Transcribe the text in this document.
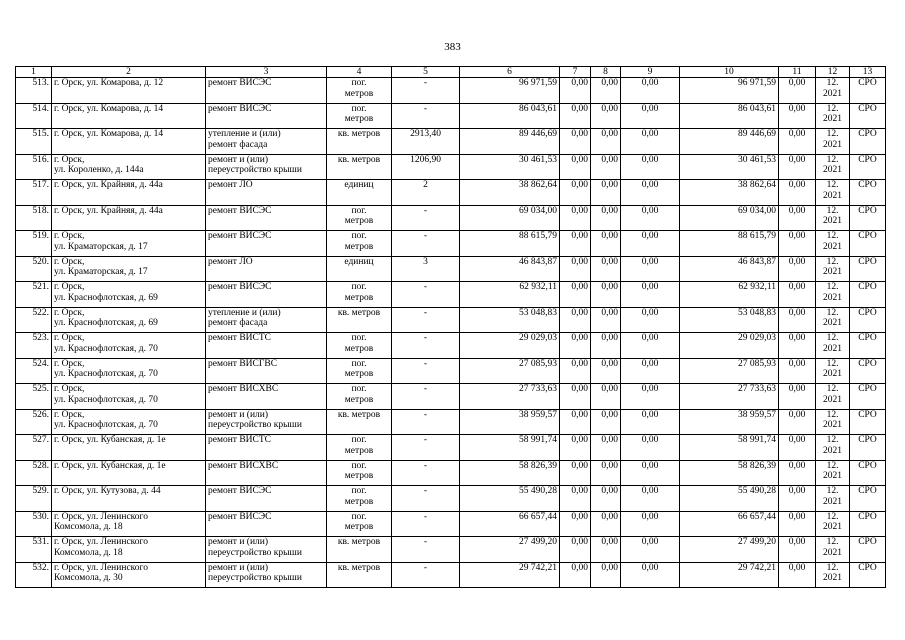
383
1	2	3	4	5	6	7	8	9	10	11	12	13
513.	г. Орск, ул. Комарова, д. 12	ремонт ВИСЭС	пог.
метров	-	96 971,59	0,00	0,00	0,00	96 971,59	0,00	12.
2021	СРО
514.	г. Орск, ул. Комарова, д. 14	ремонт ВИСЭС	пог.
метров	-	86 043,61	0,00	0,00	0,00	86 043,61	0,00	12.
2021	СРО
515.	г. Орск, ул. Комарова, д. 14	утепление и (или)
ремонт фасада	кв. метров	2913,40	89 446,69	0,00	0,00	0,00	89 446,69	0,00	12.
2021	СРО
516.	г. Орск,
ул. Короленко, д. 144а	ремонт и (или)
переустройство крыши	кв. метров	1206,90	30 461,53	0,00	0,00	0,00	30 461,53	0,00	12.
2021	СРО
517.	г. Орск, ул. Крайняя, д. 44а	ремонт ЛО	единиц	2	38 862,64	0,00	0,00	0,00	38 862,64	0,00	12.
2021	СРО
518.	г. Орск, ул. Крайняя, д. 44а	ремонт ВИСЭС	пог.
метров	-	69 034,00	0,00	0,00	0,00	69 034,00	0,00	12.
2021	СРО
519.	г. Орск,
ул. Краматорская, д. 17	ремонт ВИСЭС	пог.
метров	-	88 615,79	0,00	0,00	0,00	88 615,79	0,00	12.
2021	СРО
520.	г. Орск,
ул. Краматорская, д. 17	ремонт ЛО	единиц	3	46 843,87	0,00	0,00	0,00	46 843,87	0,00	12.
2021	СРО
521.	г. Орск,
ул. Краснофлотская, д. 69	ремонт ВИСЭС	пог.
метров	-	62 932,11	0,00	0,00	0,00	62 932,11	0,00	12.
2021	СРО
522.	г. Орск,
ул. Краснофлотская, д. 69	утепление и (или)
ремонт фасада	кв. метров	-	53 048,83	0,00	0,00	0,00	53 048,83	0,00	12.
2021	СРО
523.	г. Орск,
ул. Краснофлотская, д. 70	ремонт ВИСТС	пог.
метров	-	29 029,03	0,00	0,00	0,00	29 029,03	0,00	12.
2021	СРО
524.	г. Орск,
ул. Краснофлотская, д. 70	ремонт ВИСГВС	пог.
метров	-	27 085,93	0,00	0,00	0,00	27 085,93	0,00	12.
2021	СРО
525.	г. Орск,
ул. Краснофлотская, д. 70	ремонт ВИСХВС	пог.
метров	-	27 733,63	0,00	0,00	0,00	27 733,63	0,00	12.
2021	СРО
526.	г. Орск,
ул. Краснофлотская, д. 70	ремонт и (или)
переустройство крыши	кв. метров	-	38 959,57	0,00	0,00	0,00	38 959,57	0,00	12.
2021	СРО
527.	г. Орск, ул. Кубанская, д. 1е	ремонт ВИСТС	пог.
метров	-	58 991,74	0,00	0,00	0,00	58 991,74	0,00	12.
2021	СРО
528.	г. Орск, ул. Кубанская, д. 1е	ремонт ВИСХВС	пог.
метров	-	58 826,39	0,00	0,00	0,00	58 826,39	0,00	12.
2021	СРО
529.	г. Орск, ул. Кутузова, д. 44	ремонт ВИСЭС	пог.
метров	-	55 490,28	0,00	0,00	0,00	55 490,28	0,00	12.
2021	СРО
530.	г. Орск, ул. Ленинского
Комсомола, д. 18	ремонт ВИСЭС	пог.
метров	-	66 657,44	0,00	0,00	0,00	66 657,44	0,00	12.
2021	СРО
531.	г. Орск, ул. Ленинского
Комсомола, д. 18	ремонт и (или)
переустройство крыши	кв. метров	-	27 499,20	0,00	0,00	0,00	27 499,20	0,00	12.
2021	СРО
532.	г. Орск, ул. Ленинского
Комсомола, д. 30	ремонт и (или)
переустройство крыши	кв. метров	-	29 742,21	0,00	0,00	0,00	29 742,21	0,00	12.
2021	СРО
